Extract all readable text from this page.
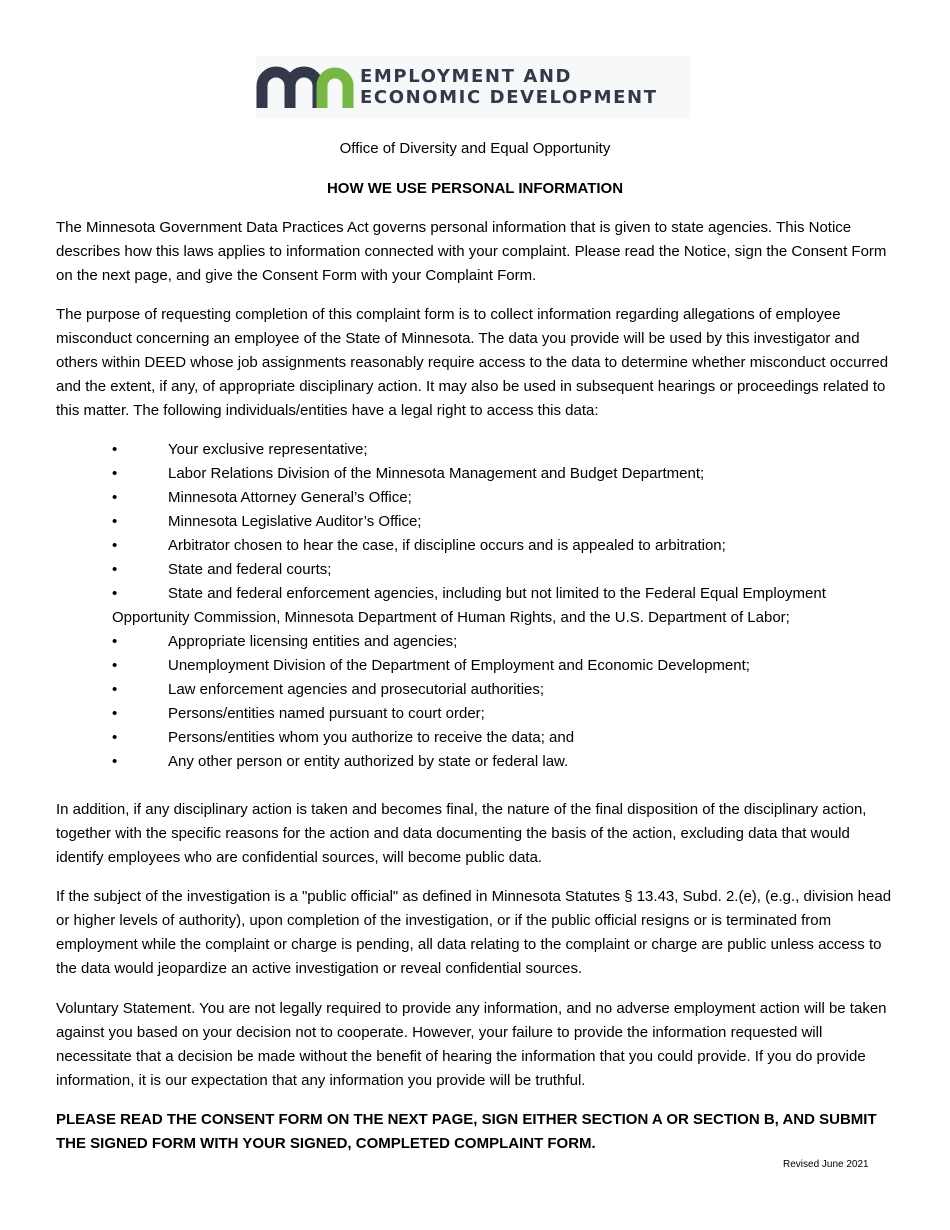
EMPLOYMENT AND
ECONOMIC DEVELOPMENT
Office of Diversity and Equal Opportunity
HOW WE USE PERSONAL INFORMATION

The Minnesota Government Data Practices Act governs personal information that is given to state agencies. This Notice describes how this laws applies to information connected with your complaint. Please read the Notice, sign the Consent Form on the next page, and give the Consent Form with your Complaint Form.

The purpose of requesting completion of this complaint form is to collect information regarding allegations of employee misconduct concerning an employee of the State of Minnesota. The data you provide will be used by this investigator and others within DEED whose job assignments reasonably require access to the data to determine whether misconduct occurred and the extent, if any, of appropriate disciplinary action. It may also be used in subsequent hearings or proceedings related to this matter. The following individuals/entities have a legal right to access this data:

•	Your exclusive representative;
•	Labor Relations Division of the Minnesota Management and Budget Department;
•	Minnesota Attorney General’s Office;
•	Minnesota Legislative Auditor’s Office;
•	Arbitrator chosen to hear the case, if discipline occurs and is appealed to arbitration;
•	State and federal courts;
•	State and federal enforcement agencies, including but not limited to the Federal Equal Employment Opportunity Commission, Minnesota Department of Human Rights, and the U.S. Department of Labor;
•	Appropriate licensing entities and agencies;
•	Unemployment Division of the Department of Employment and Economic Development;
•	Law enforcement agencies and prosecutorial authorities;
•	Persons/entities named pursuant to court order;
•	Persons/entities whom you authorize to receive the data; and
•	Any other person or entity authorized by state or federal law.

In addition, if any disciplinary action is taken and becomes final, the nature of the final disposition of the disciplinary action, together with the specific reasons for the action and data documenting the basis of the action, excluding data that would identify employees who are confidential sources, will become public data.

If the subject of the investigation is a "public official" as defined in Minnesota Statutes § 13.43, Subd. 2.(e), (e.g., division head or higher levels of authority), upon completion of the investigation, or if the public official resigns or is terminated from employment while the complaint or charge is pending, all data relating to the complaint or charge are public unless access to the data would jeopardize an active investigation or reveal confidential sources.

Voluntary Statement. You are not legally required to provide any information, and no adverse employment action will be taken against you based on your decision not to cooperate. However, your failure to provide the information requested will necessitate that a decision be made without the benefit of hearing the information that you could provide. If you do provide information, it is our expectation that any information you provide will be truthful.

PLEASE READ THE CONSENT FORM ON THE NEXT PAGE, SIGN EITHER SECTION A OR SECTION B, AND SUBMIT THE SIGNED FORM WITH YOUR SIGNED, COMPLETED COMPLAINT FORM.

Revised June 2021
